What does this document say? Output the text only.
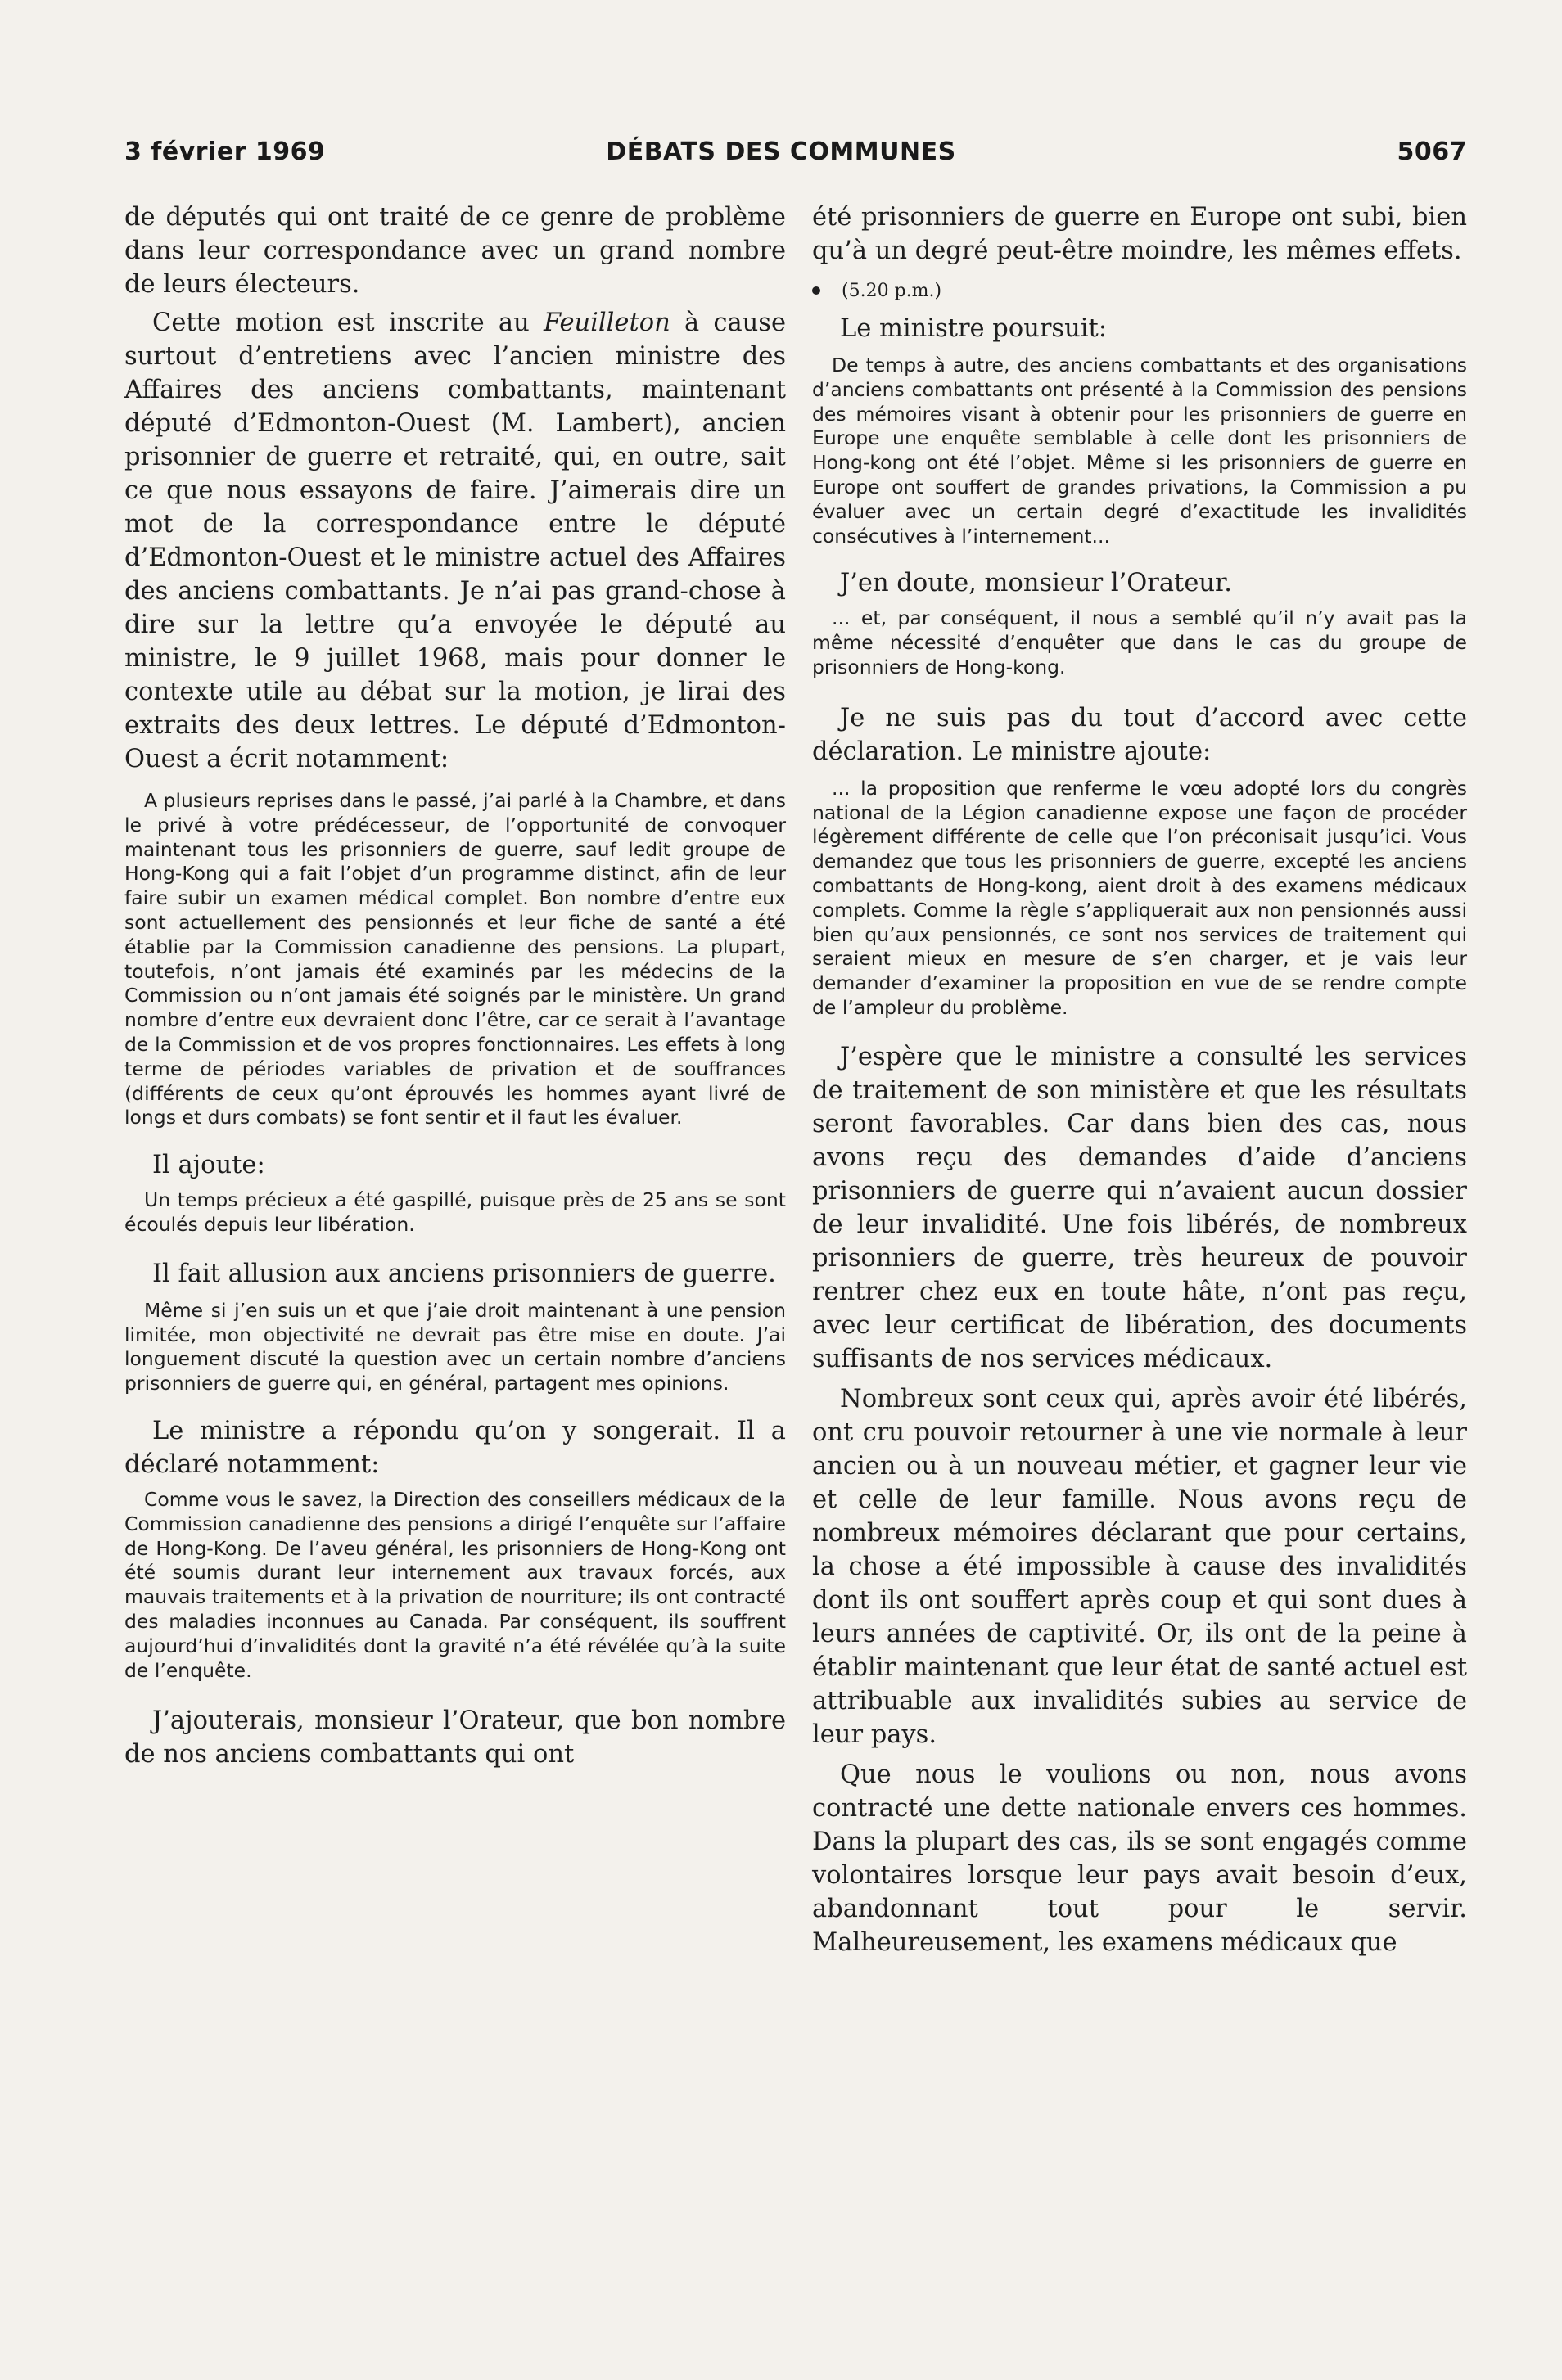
DÉBATS DES COMMUNES
3 février 1969	5067

de députés qui ont traité de ce genre de problème dans leur correspondance avec un grand nombre de leurs électeurs.

Cette motion est inscrite au Feuilleton à cause surtout d’entretiens avec l’ancien ministre des Affaires des anciens combattants, maintenant député d’Edmonton-Ouest (M. Lambert), ancien prisonnier de guerre et retraité, qui, en outre, sait ce que nous essayons de faire. J’aimerais dire un mot de la correspondance entre le député d’Edmonton-Ouest et le ministre actuel des Affaires des anciens combattants. Je n’ai pas grand-chose à dire sur la lettre qu’a envoyée le député au ministre, le 9 juillet 1968, mais pour donner le contexte utile au débat sur la motion, je lirai des extraits des deux lettres. Le député d’Edmonton-Ouest a écrit notamment:

A plusieurs reprises dans le passé, j’ai parlé à la Chambre, et dans le privé à votre prédécesseur, de l’opportunité de convoquer maintenant tous les prisonniers de guerre, sauf ledit groupe de Hong-Kong qui a fait l’objet d’un programme distinct, afin de leur faire subir un examen médical complet. Bon nombre d’entre eux sont actuellement des pensionnés et leur fiche de santé a été établie par la Commission canadienne des pensions. La plupart, toutefois, n’ont jamais été examinés par les médecins de la Commission ou n’ont jamais été soignés par le ministère. Un grand nombre d’entre eux devraient donc l’être, car ce serait à l’avantage de la Commission et de vos propres fonctionnaires. Les effets à long terme de périodes variables de privation et de souffrances (différents de ceux qu’ont éprouvés les hommes ayant livré de longs et durs combats) se font sentir et il faut les évaluer.

Il ajoute:

Un temps précieux a été gaspillé, puisque près de 25 ans se sont écoulés depuis leur libération.

Il fait allusion aux anciens prisonniers de guerre.

Même si j’en suis un et que j’aie droit maintenant à une pension limitée, mon objectivité ne devrait pas être mise en doute. J’ai longuement discuté la question avec un certain nombre d’anciens prisonniers de guerre qui, en général, partagent mes opinions.

Le ministre a répondu qu’on y songerait. Il a déclaré notamment:

Comme vous le savez, la Direction des conseillers médicaux de la Commission canadienne des pensions a dirigé l’enquête sur l’affaire de Hong-Kong. De l’aveu général, les prisonniers de Hong-Kong ont été soumis durant leur internement aux travaux forcés, aux mauvais traitements et à la privation de nourriture; ils ont contracté des maladies inconnues au Canada. Par conséquent, ils souffrent aujourd’hui d’invalidités dont la gravité n’a été révélée qu’à la suite de l’enquête.

J’ajouterais, monsieur l’Orateur, que bon nombre de nos anciens combattants qui ont

été prisonniers de guerre en Europe ont subi, bien qu’à un degré peut-être moindre, les mêmes effets.

(5.20 p.m.)

Le ministre poursuit:

De temps à autre, des anciens combattants et des organisations d’anciens combattants ont présenté à la Commission des pensions des mémoires visant à obtenir pour les prisonniers de guerre en Europe une enquête semblable à celle dont les prisonniers de Hong-kong ont été l’objet. Même si les prisonniers de guerre en Europe ont souffert de grandes privations, la Commission a pu évaluer avec un certain degré d’exactitude les invalidités consécutives à l’internement...

J’en doute, monsieur l’Orateur.

... et, par conséquent, il nous a semblé qu’il n’y avait pas la même nécessité d’enquêter que dans le cas du groupe de prisonniers de Hong-kong.

Je ne suis pas du tout d’accord avec cette déclaration. Le ministre ajoute:

... la proposition que renferme le vœu adopté lors du congrès national de la Légion canadienne expose une façon de procéder légèrement différente de celle que l’on préconisait jusqu’ici. Vous demandez que tous les prisonniers de guerre, excepté les anciens combattants de Hong-kong, aient droit à des examens médicaux complets. Comme la règle s’appliquerait aux non pensionnés aussi bien qu’aux pensionnés, ce sont nos services de traitement qui seraient mieux en mesure de s’en charger, et je vais leur demander d’examiner la proposition en vue de se rendre compte de l’ampleur du problème.

J’espère que le ministre a consulté les services de traitement de son ministère et que les résultats seront favorables. Car dans bien des cas, nous avons reçu des demandes d’aide d’anciens prisonniers de guerre qui n’avaient aucun dossier de leur invalidité. Une fois libérés, de nombreux prisonniers de guerre, très heureux de pouvoir rentrer chez eux en toute hâte, n’ont pas reçu, avec leur certificat de libération, des documents suffisants de nos services médicaux.

Nombreux sont ceux qui, après avoir été libérés, ont cru pouvoir retourner à une vie normale à leur ancien ou à un nouveau métier, et gagner leur vie et celle de leur famille. Nous avons reçu de nombreux mémoires déclarant que pour certains, la chose a été impossible à cause des invalidités dont ils ont souffert après coup et qui sont dues à leurs années de captivité. Or, ils ont de la peine à établir maintenant que leur état de santé actuel est attribuable aux invalidités subies au service de leur pays.

Que nous le voulions ou non, nous avons contracté une dette nationale envers ces hommes. Dans la plupart des cas, ils se sont engagés comme volontaires lorsque leur pays avait besoin d’eux, abandonnant tout pour le servir. Malheureusement, les examens médicaux que
